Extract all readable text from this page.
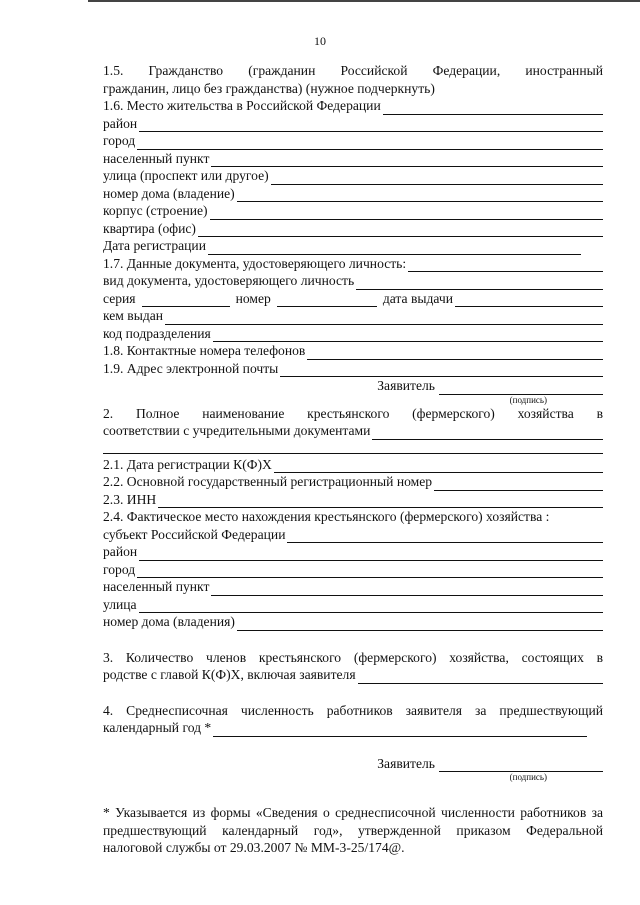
10
1.5. Гражданство (гражданин Российской Федерации, иностранный
гражданин, лицо без гражданства) (нужное подчеркнуть)
1.6. Место жительства в Российской Федерации
район
город
населенный пункт
улица (проспект или другое)
номер дома (владение)
корпус (строение)
квартира (офис)
Дата регистрации
1.7. Данные документа, удостоверяющего личность:
вид документа, удостоверяющего личность
серия	номер	дата выдачи
кем выдан
код подразделения
1.8. Контактные номера телефонов
1.9. Адрес электронной почты
Заявитель
(подпись)
2. Полное наименование крестьянского (фермерского) хозяйства в
соответствии с учредительными документами
2.1. Дата регистрации К(Ф)Х
2.2. Основной государственный регистрационный номер
2.3. ИНН
2.4. Фактическое место нахождения крестьянского (фермерского) хозяйства :
субъект Российской Федерации
район
город
населенный пункт
улица
номер дома (владения)
3. Количество членов крестьянского (фермерского) хозяйства, состоящих в
родстве с главой К(Ф)Х, включая заявителя
4. Среднесписочная численность работников заявителя за предшествующий
календарный год *
Заявитель
(подпись)
* Указывается из формы «Сведения о среднесписочной численности работников за предшествующий календарный год», утвержденной приказом Федеральной налоговой службы от 29.03.2007 № ММ-3-25/174@.
